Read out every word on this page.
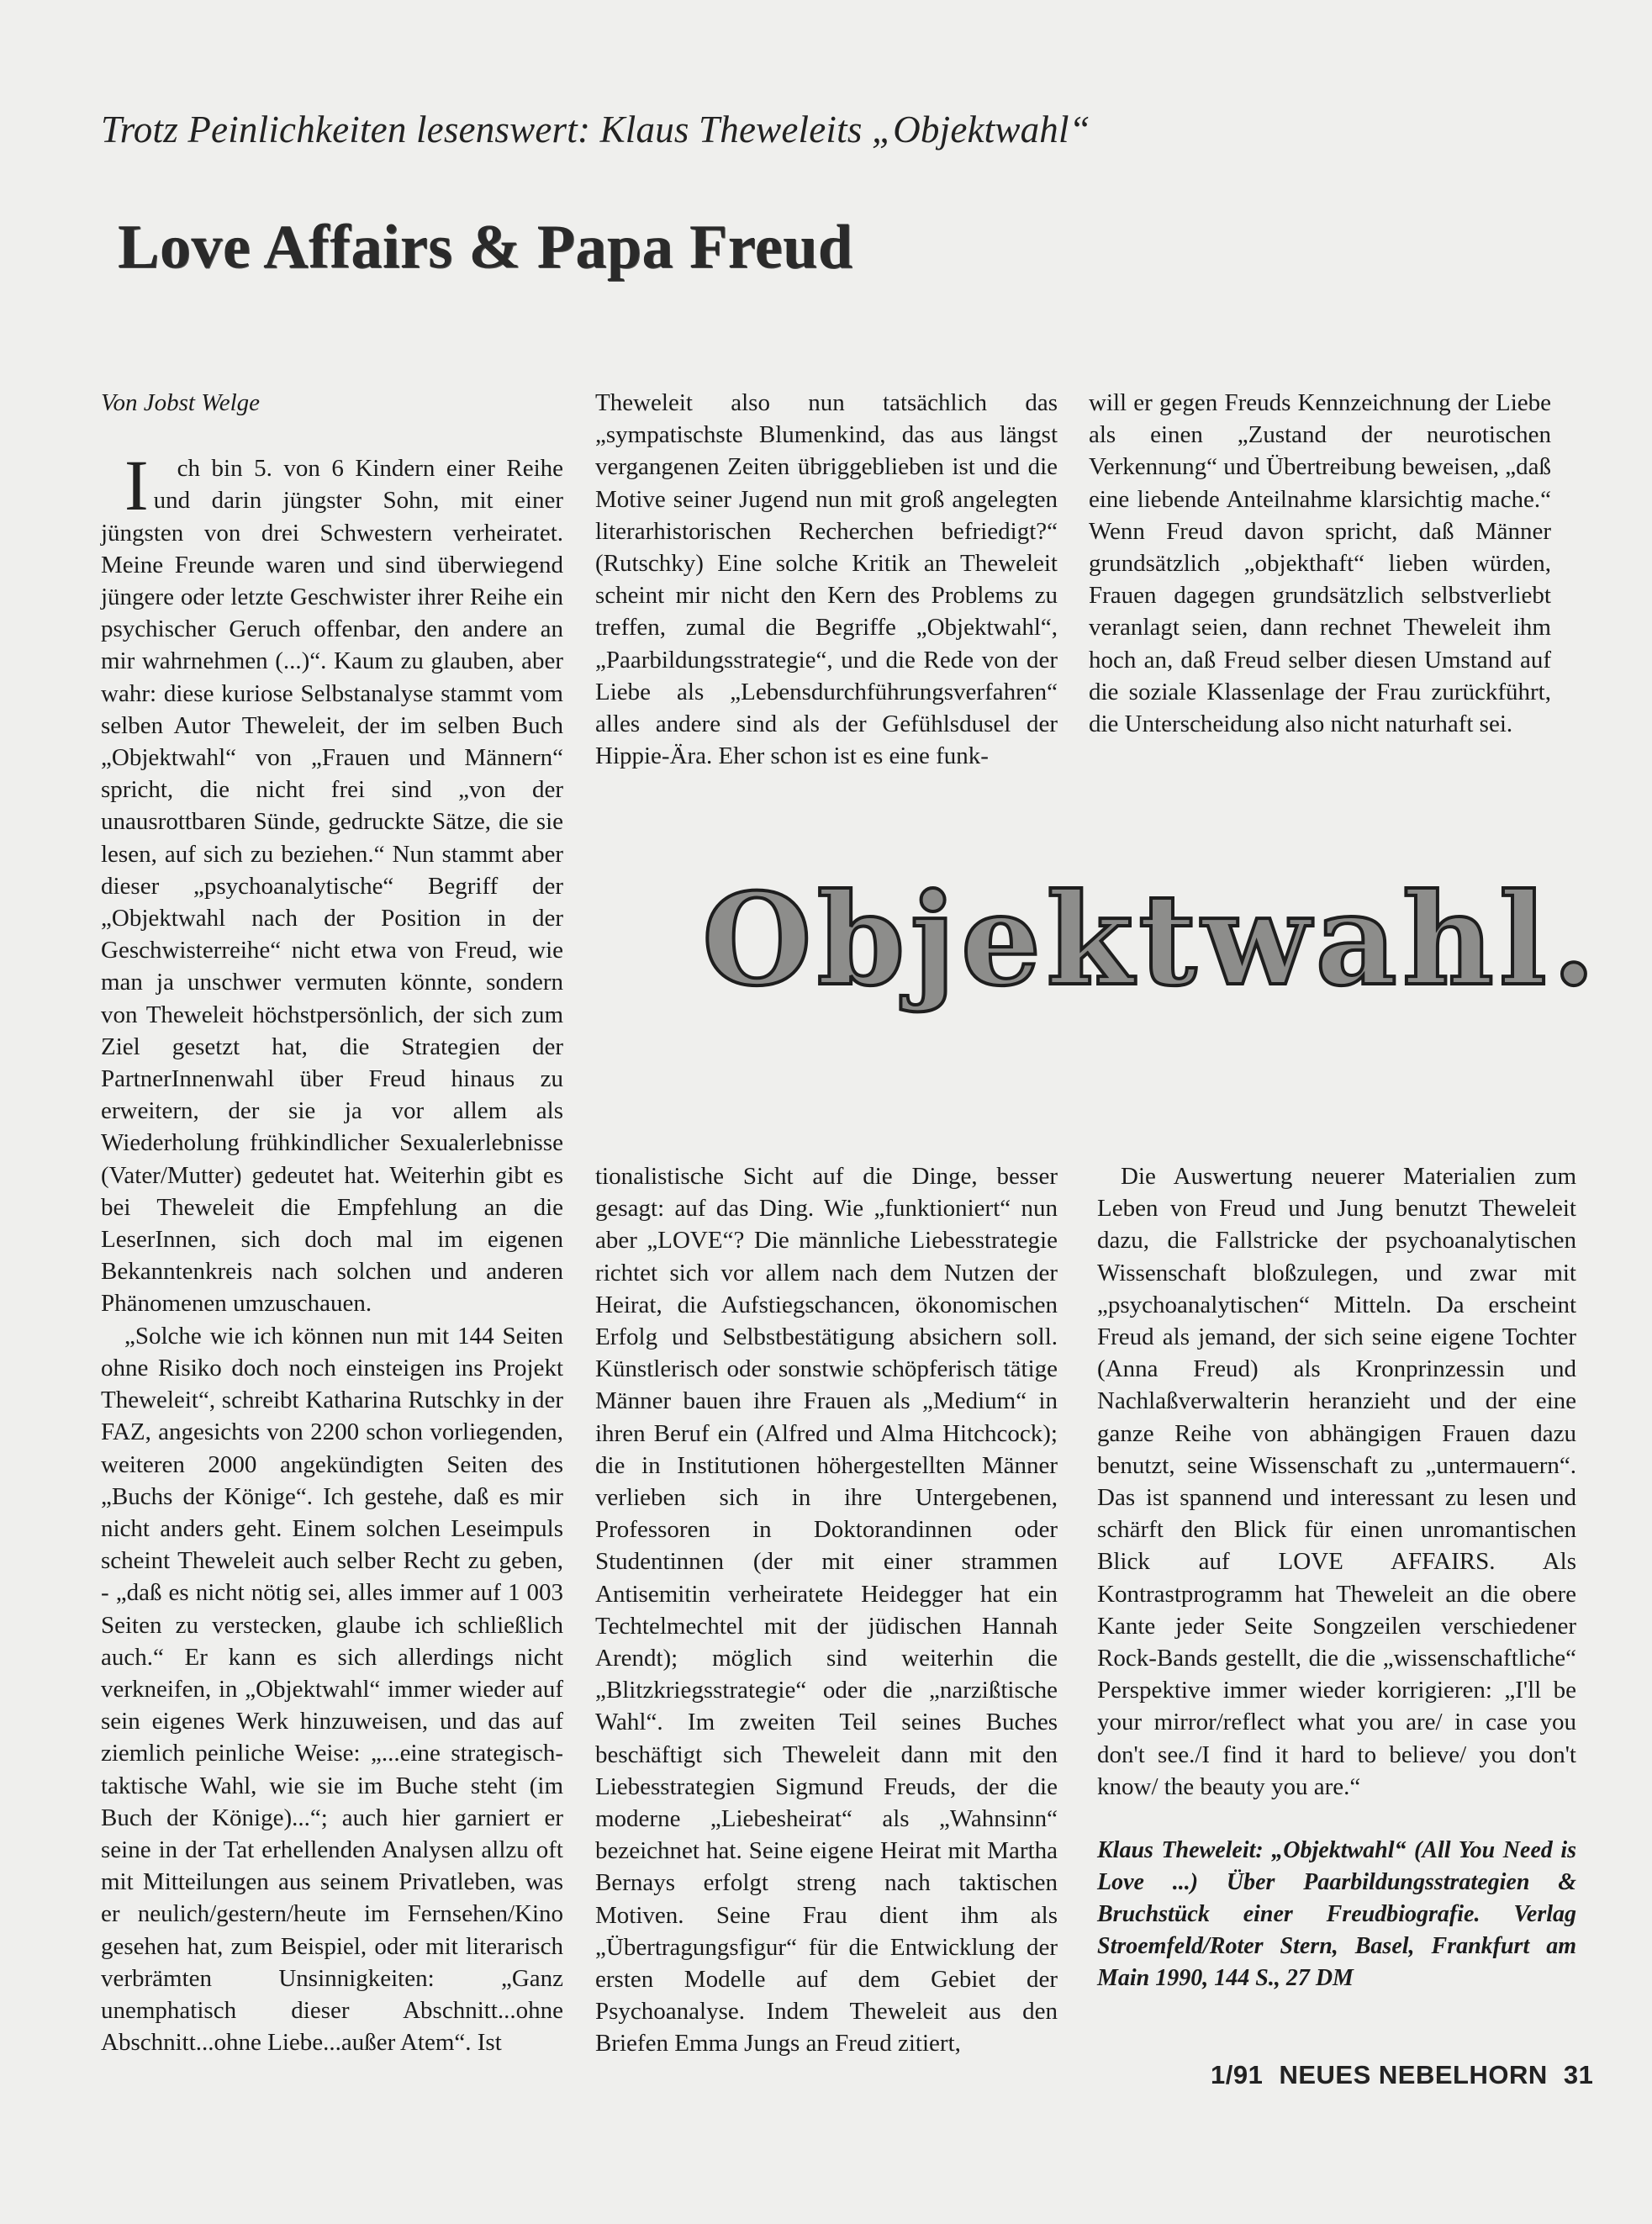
Trotz Peinlichkeiten lesenswert: Klaus Theweleits „Objektwahl“
Love Affairs & Papa Freud

Von Jobst Welge

I ch bin 5. von 6 Kindern einer Reihe und darin jüngster Sohn, mit einer jüngsten von drei Schwestern verheiratet. Meine Freunde waren und sind überwiegend jüngere oder letzte Geschwister ihrer Reihe ein psychischer Geruch offenbar, den andere an mir wahrnehmen (...)“. Kaum zu glauben, aber wahr: diese kuriose Selbstanalyse stammt vom selben Autor Theweleit, der im selben Buch „Objektwahl“ von „Frauen und Männern“ spricht, die nicht frei sind „von der unausrottbaren Sünde, gedruckte Sätze, die sie lesen, auf sich zu beziehen.“ Nun stammt aber dieser „psychoanalytische“ Begriff der „Objektwahl nach der Position in der Geschwisterreihe“ nicht etwa von Freud, wie man ja unschwer vermuten könnte, sondern von Theweleit höchstpersönlich, der sich zum Ziel gesetzt hat, die Strategien der PartnerInnenwahl über Freud hinaus zu erweitern, der sie ja vor allem als Wiederholung frühkindlicher Sexualerlebnisse (Vater/Mutter) gedeutet hat. Weiterhin gibt es bei Theweleit die Empfehlung an die LeserInnen, sich doch mal im eigenen Bekanntenkreis nach solchen und anderen Phänomenen umzuschauen.

„Solche wie ich können nun mit 144 Seiten ohne Risiko doch noch einsteigen ins Projekt Theweleit“, schreibt Katharina Rutschky in der FAZ, angesichts von 2200 schon vorliegenden, weiteren 2000 angekündigten Seiten des „Buchs der Könige“. Ich gestehe, daß es mir nicht anders geht. Einem solchen Leseimpuls scheint Theweleit auch selber Recht zu geben, - „daß es nicht nötig sei, alles immer auf 1 003 Seiten zu verstecken, glaube ich schließlich auch.“ Er kann es sich allerdings nicht verkneifen, in „Objektwahl“ immer wieder auf sein eigenes Werk hinzuweisen, und das auf ziemlich peinliche Weise: „...eine strategisch-taktische Wahl, wie sie im Buche steht (im Buch der Könige)...“; auch hier garniert er seine in der Tat erhellenden Analysen allzu oft mit Mitteilungen aus seinem Privatleben, was er neulich/gestern/heute im Fernsehen/Kino gesehen hat, zum Beispiel, oder mit literarisch verbrämten Unsinnigkeiten: „Ganz unemphatisch dieser Abschnitt...ohne Abschnitt...ohne Liebe...außer Atem“. Ist

Theweleit also nun tatsächlich das „sympatischste Blumenkind, das aus längst vergangenen Zeiten übriggeblieben ist und die Motive seiner Jugend nun mit groß angelegten literarhistorischen Recherchen befriedigt?“ (Rutschky) Eine solche Kritik an Theweleit scheint mir nicht den Kern des Problems zu treffen, zumal die Begriffe „Objektwahl“, „Paarbildungsstrategie“, und die Rede von der Liebe als „Lebensdurchführungsverfahren“ alles andere sind als der Gefühlsdusel der Hippie-Ära. Eher schon ist es eine funk-

will er gegen Freuds Kennzeichnung der Liebe als einen „Zustand der neurotischen Verkennung“ und Übertreibung beweisen, „daß eine liebende Anteilnahme klarsichtig mache.“ Wenn Freud davon spricht, daß Männer grundsätzlich „objekthaft“ lieben würden, Frauen dagegen grundsätzlich selbstverliebt veranlagt seien, dann rechnet Theweleit ihm hoch an, daß Freud selber diesen Umstand auf die soziale Klassenlage der Frau zurückführt, die Unterscheidung also nicht naturhaft sei.

Objektwahl.

tionalistische Sicht auf die Dinge, besser gesagt: auf das Ding. Wie „funktioniert“ nun aber „LOVE“? Die männliche Liebesstrategie richtet sich vor allem nach dem Nutzen der Heirat, die Aufstiegschancen, ökonomischen Erfolg und Selbstbestätigung absichern soll. Künstlerisch oder sonstwie schöpferisch tätige Männer bauen ihre Frauen als „Medium“ in ihren Beruf ein (Alfred und Alma Hitchcock); die in Institutionen höhergestellten Männer verlieben sich in ihre Untergebenen, Professoren in Doktorandinnen oder Studentinnen (der mit einer strammen Antisemitin verheiratete Heidegger hat ein Techtelmechtel mit der jüdischen Hannah Arendt); möglich sind weiterhin die „Blitzkriegsstrategie“ oder die „narzißtische Wahl“. Im zweiten Teil seines Buches beschäftigt sich Theweleit dann mit den Liebesstrategien Sigmund Freuds, der die moderne „Liebesheirat“ als „Wahnsinn“ bezeichnet hat. Seine eigene Heirat mit Martha Bernays erfolgt streng nach taktischen Motiven. Seine Frau dient ihm als „Übertragungsfigur“ für die Entwicklung der ersten Modelle auf dem Gebiet der Psychoanalyse. Indem Theweleit aus den Briefen Emma Jungs an Freud zitiert,

Die Auswertung neuerer Materialien zum Leben von Freud und Jung benutzt Theweleit dazu, die Fallstricke der psychoanalytischen Wissenschaft bloßzulegen, und zwar mit „psychoanalytischen“ Mitteln. Da erscheint Freud als jemand, der sich seine eigene Tochter (Anna Freud) als Kronprinzessin und Nachlaßverwalterin heranzieht und der eine ganze Reihe von abhängigen Frauen dazu benutzt, seine Wissenschaft zu „untermauern“. Das ist spannend und interessant zu lesen und schärft den Blick für einen unromantischen Blick auf LOVE AFFAIRS. Als Kontrastprogramm hat Theweleit an die obere Kante jeder Seite Songzeilen verschiedener Rock-Bands gestellt, die die „wissenschaftliche“ Perspektive immer wieder korrigieren: „I'll be your mirror/reflect what you are/ in case you don't see./I find it hard to believe/ you don't know/ the beauty you are.“

Klaus Theweleit: „Objektwahl“ (All You Need is Love ...) Über Paarbildungsstrategien & Bruchstück einer Freudbiografie. Verlag Stroemfeld/Roter Stern, Basel, Frankfurt am Main 1990, 144 S., 27 DM

1/91 NEUES NEBELHORN 31
